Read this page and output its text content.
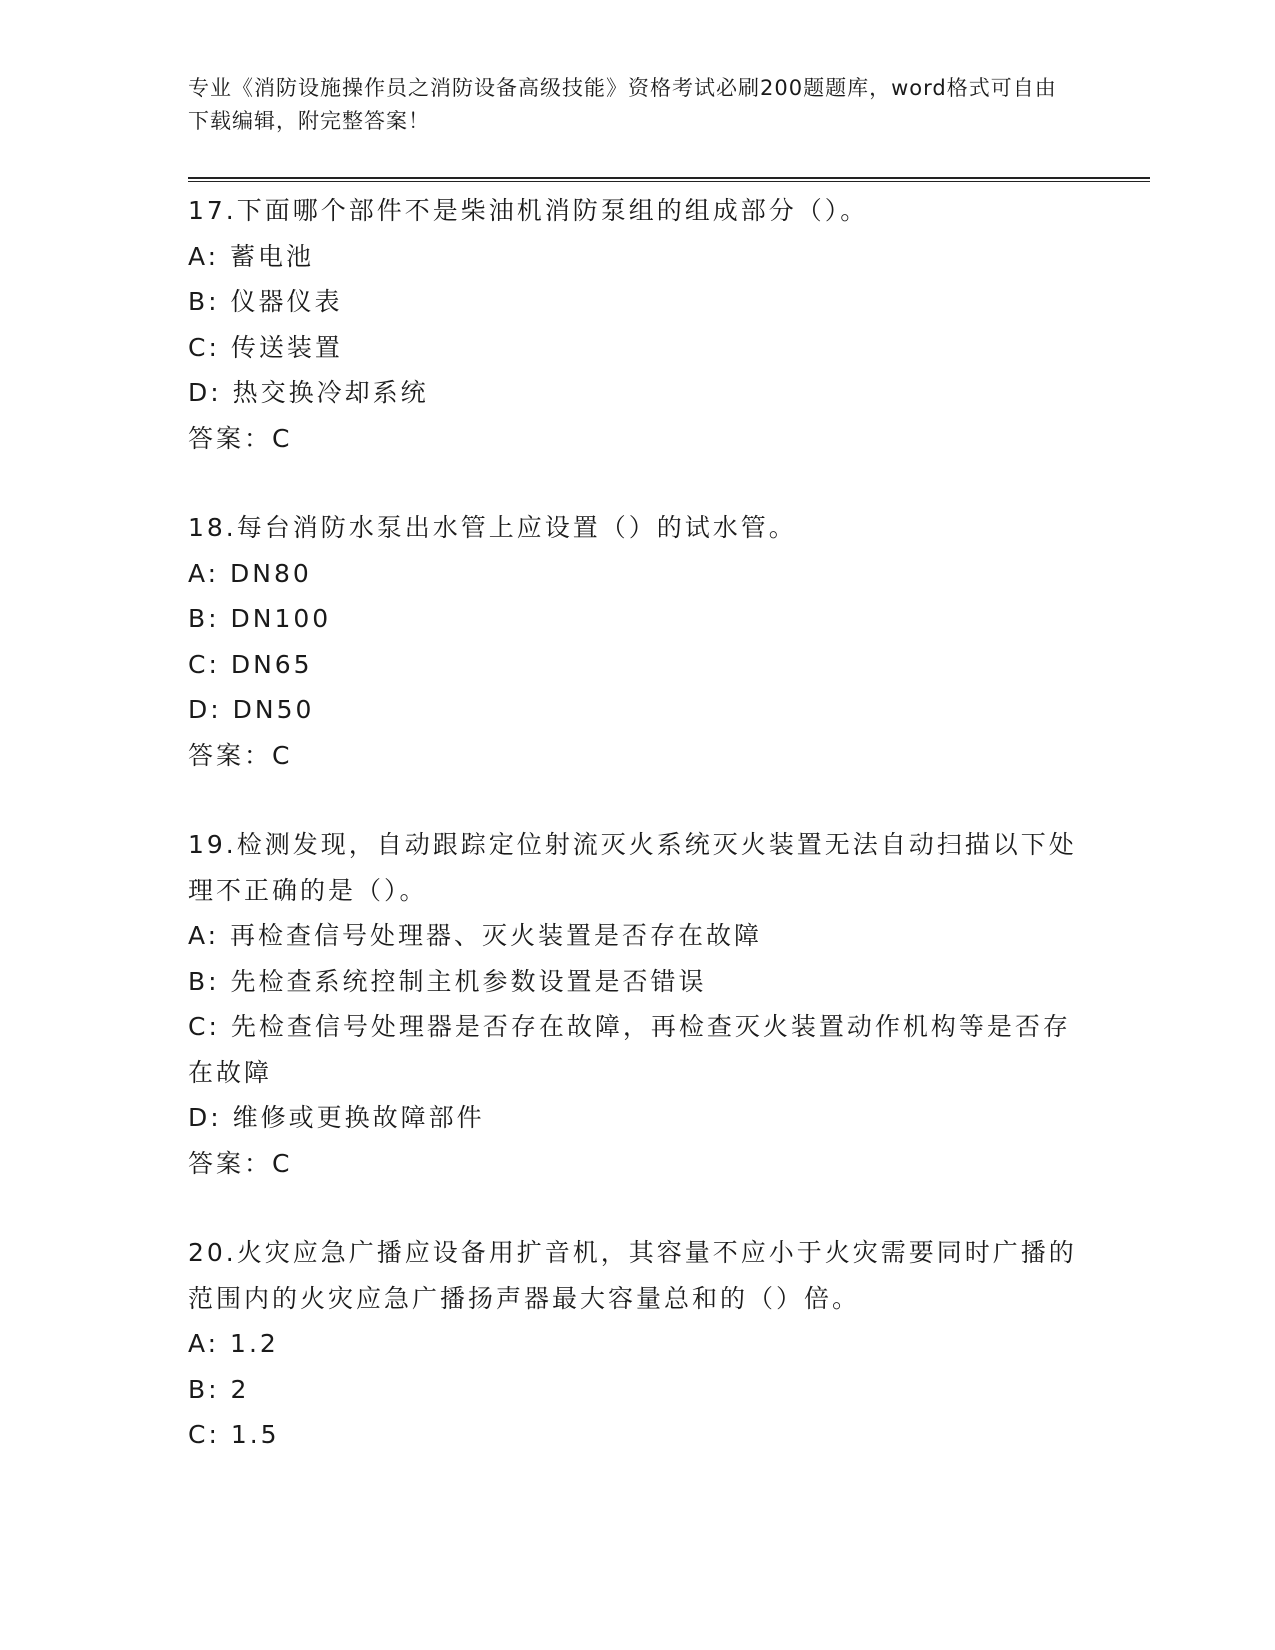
专业《消防设施操作员之消防设备高级技能》资格考试必刷200题题库，word格式可自由下载编辑，附完整答案！
17.下面哪个部件不是柴油机消防泵组的组成部分（）。
A: 蓄电池
B: 仪器仪表
C: 传送装置
D: 热交换冷却系统
答案：C
18.每台消防水泵出水管上应设置（）的试水管。
A: DN80
B: DN100
C: DN65
D: DN50
答案：C
19.检测发现，自动跟踪定位射流灭火系统灭火装置无法自动扫描以下处理不正确的是（）。
A: 再检查信号处理器、灭火装置是否存在故障
B: 先检查系统控制主机参数设置是否错误
C: 先检查信号处理器是否存在故障，再检查灭火装置动作机构等是否存在故障
D: 维修或更换故障部件
答案：C
20.火灾应急广播应设备用扩音机，其容量不应小于火灾需要同时广播的范围内的火灾应急广播扬声器最大容量总和的（）倍。
A: 1.2
B: 2
C: 1.5
